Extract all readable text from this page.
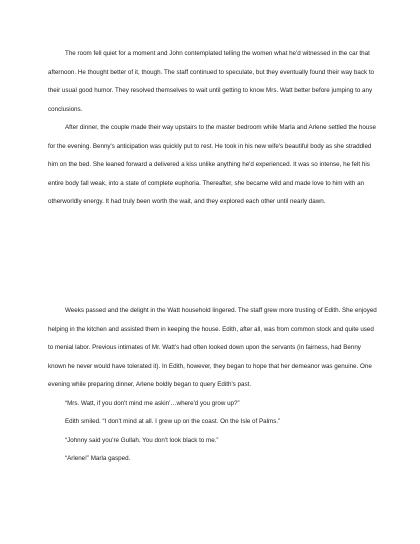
The room fell quiet for a moment and John contemplated telling the women what he'd witnessed in the car that afternoon. He thought better of it, though. The staff continued to speculate, but they eventually found their way back to their usual good humor. They resolved themselves to wait until getting to know Mrs. Watt better before jumping to any conclusions.

After dinner, the couple made their way upstairs to the master bedroom while Marla and Arlene settled the house for the evening. Benny's anticipation was quickly put to rest. He took in his new wife's beautiful body as she straddled him on the bed. She leaned forward a delivered a kiss unlike anything he'd experienced. It was so intense, he felt his entire body fall weak, into a state of complete euphoria. Thereafter, she became wild and made love to him with an otherworldly energy. It had truly been worth the wait, and they explored each other until nearly dawn.

Weeks passed and the delight in the Watt household lingered. The staff grew more trusting of Edith. She enjoyed helping in the kitchen and assisted them in keeping the house. Edith, after all, was from common stock and quite used to menial labor. Previous intimates of Mr. Watt's had often looked down upon the servants (in fairness, had Benny known he never would have tolerated it). In Edith, however, they began to hope that her demeanor was genuine. One evening while preparing dinner, Arlene boldly began to query Edith's past.

“Mrs. Watt, if you don't mind me askin'…where'd you grow up?”

Edith smiled. “I don't mind at all. I grew up on the coast. On the Isle of Palms.”

“Johnny said you're Gullah. You don't look black to me.”

“Arlene!” Marla gasped.
